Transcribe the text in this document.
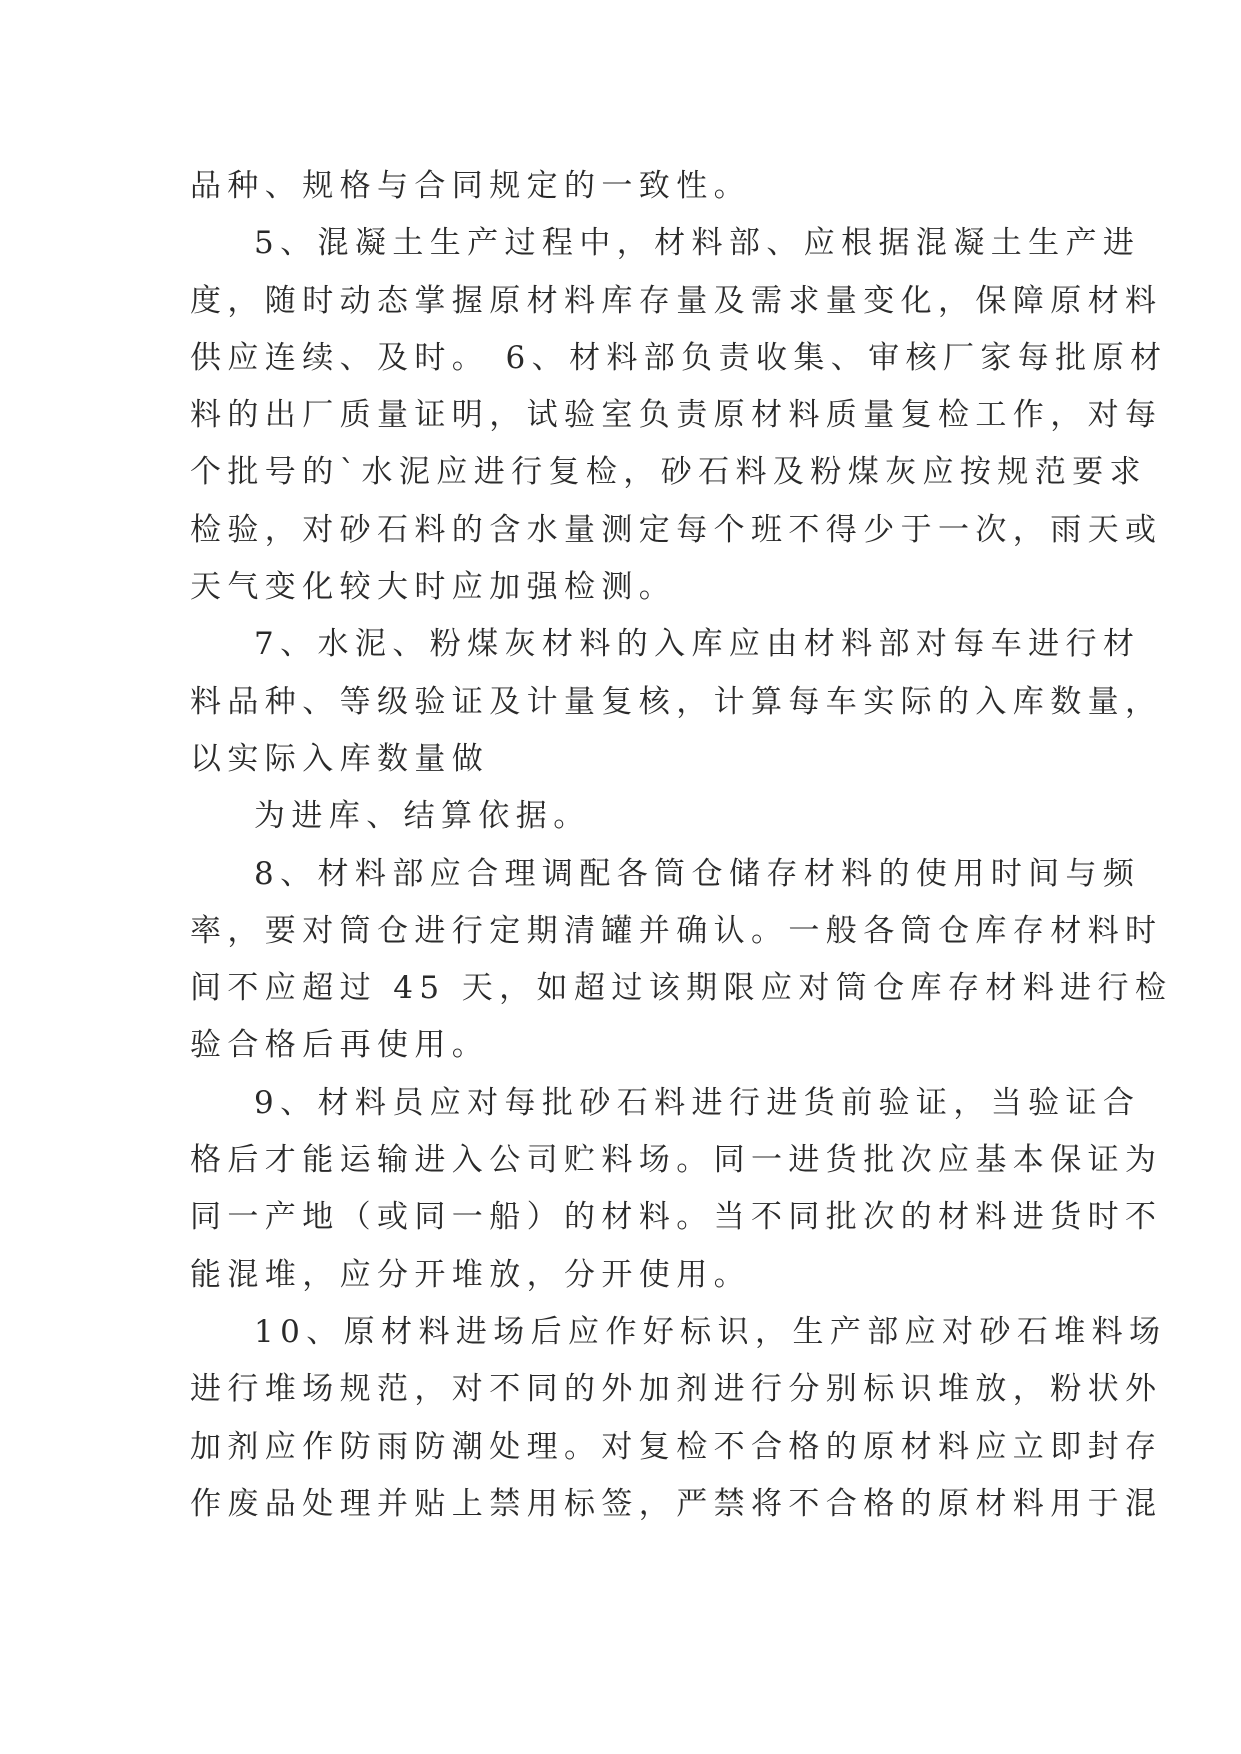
品种、规格与合同规定的一致性。
5、混凝土生产过程中，材料部、应根据混凝土生产进
度，随时动态掌握原材料库存量及需求量变化，保障原材料
供应连续、及时。 6、材料部负责收集、审核厂家每批原材
料的出厂质量证明，试验室负责原材料质量复检工作，对每
个批号的`水泥应进行复检，砂石料及粉煤灰应按规范要求
检验，对砂石料的含水量测定每个班不得少于一次，雨天或
天气变化较大时应加强检测。
7、水泥、粉煤灰材料的入库应由材料部对每车进行材
料品种、等级验证及计量复核，计算每车实际的入库数量，
以实际入库数量做
为进库、结算依据。
8、材料部应合理调配各筒仓储存材料的使用时间与频
率，要对筒仓进行定期清罐并确认。一般各筒仓库存材料时
间不应超过 45 天，如超过该期限应对筒仓库存材料进行检
验合格后再使用。
9、材料员应对每批砂石料进行进货前验证，当验证合
格后才能运输进入公司贮料场。同一进货批次应基本保证为
同一产地（或同一船）的材料。当不同批次的材料进货时不
能混堆，应分开堆放，分开使用。
10、原材料进场后应作好标识，生产部应对砂石堆料场
进行堆场规范，对不同的外加剂进行分别标识堆放，粉状外
加剂应作防雨防潮处理。对复检不合格的原材料应立即封存
作废品处理并贴上禁用标签，严禁将不合格的原材料用于混
